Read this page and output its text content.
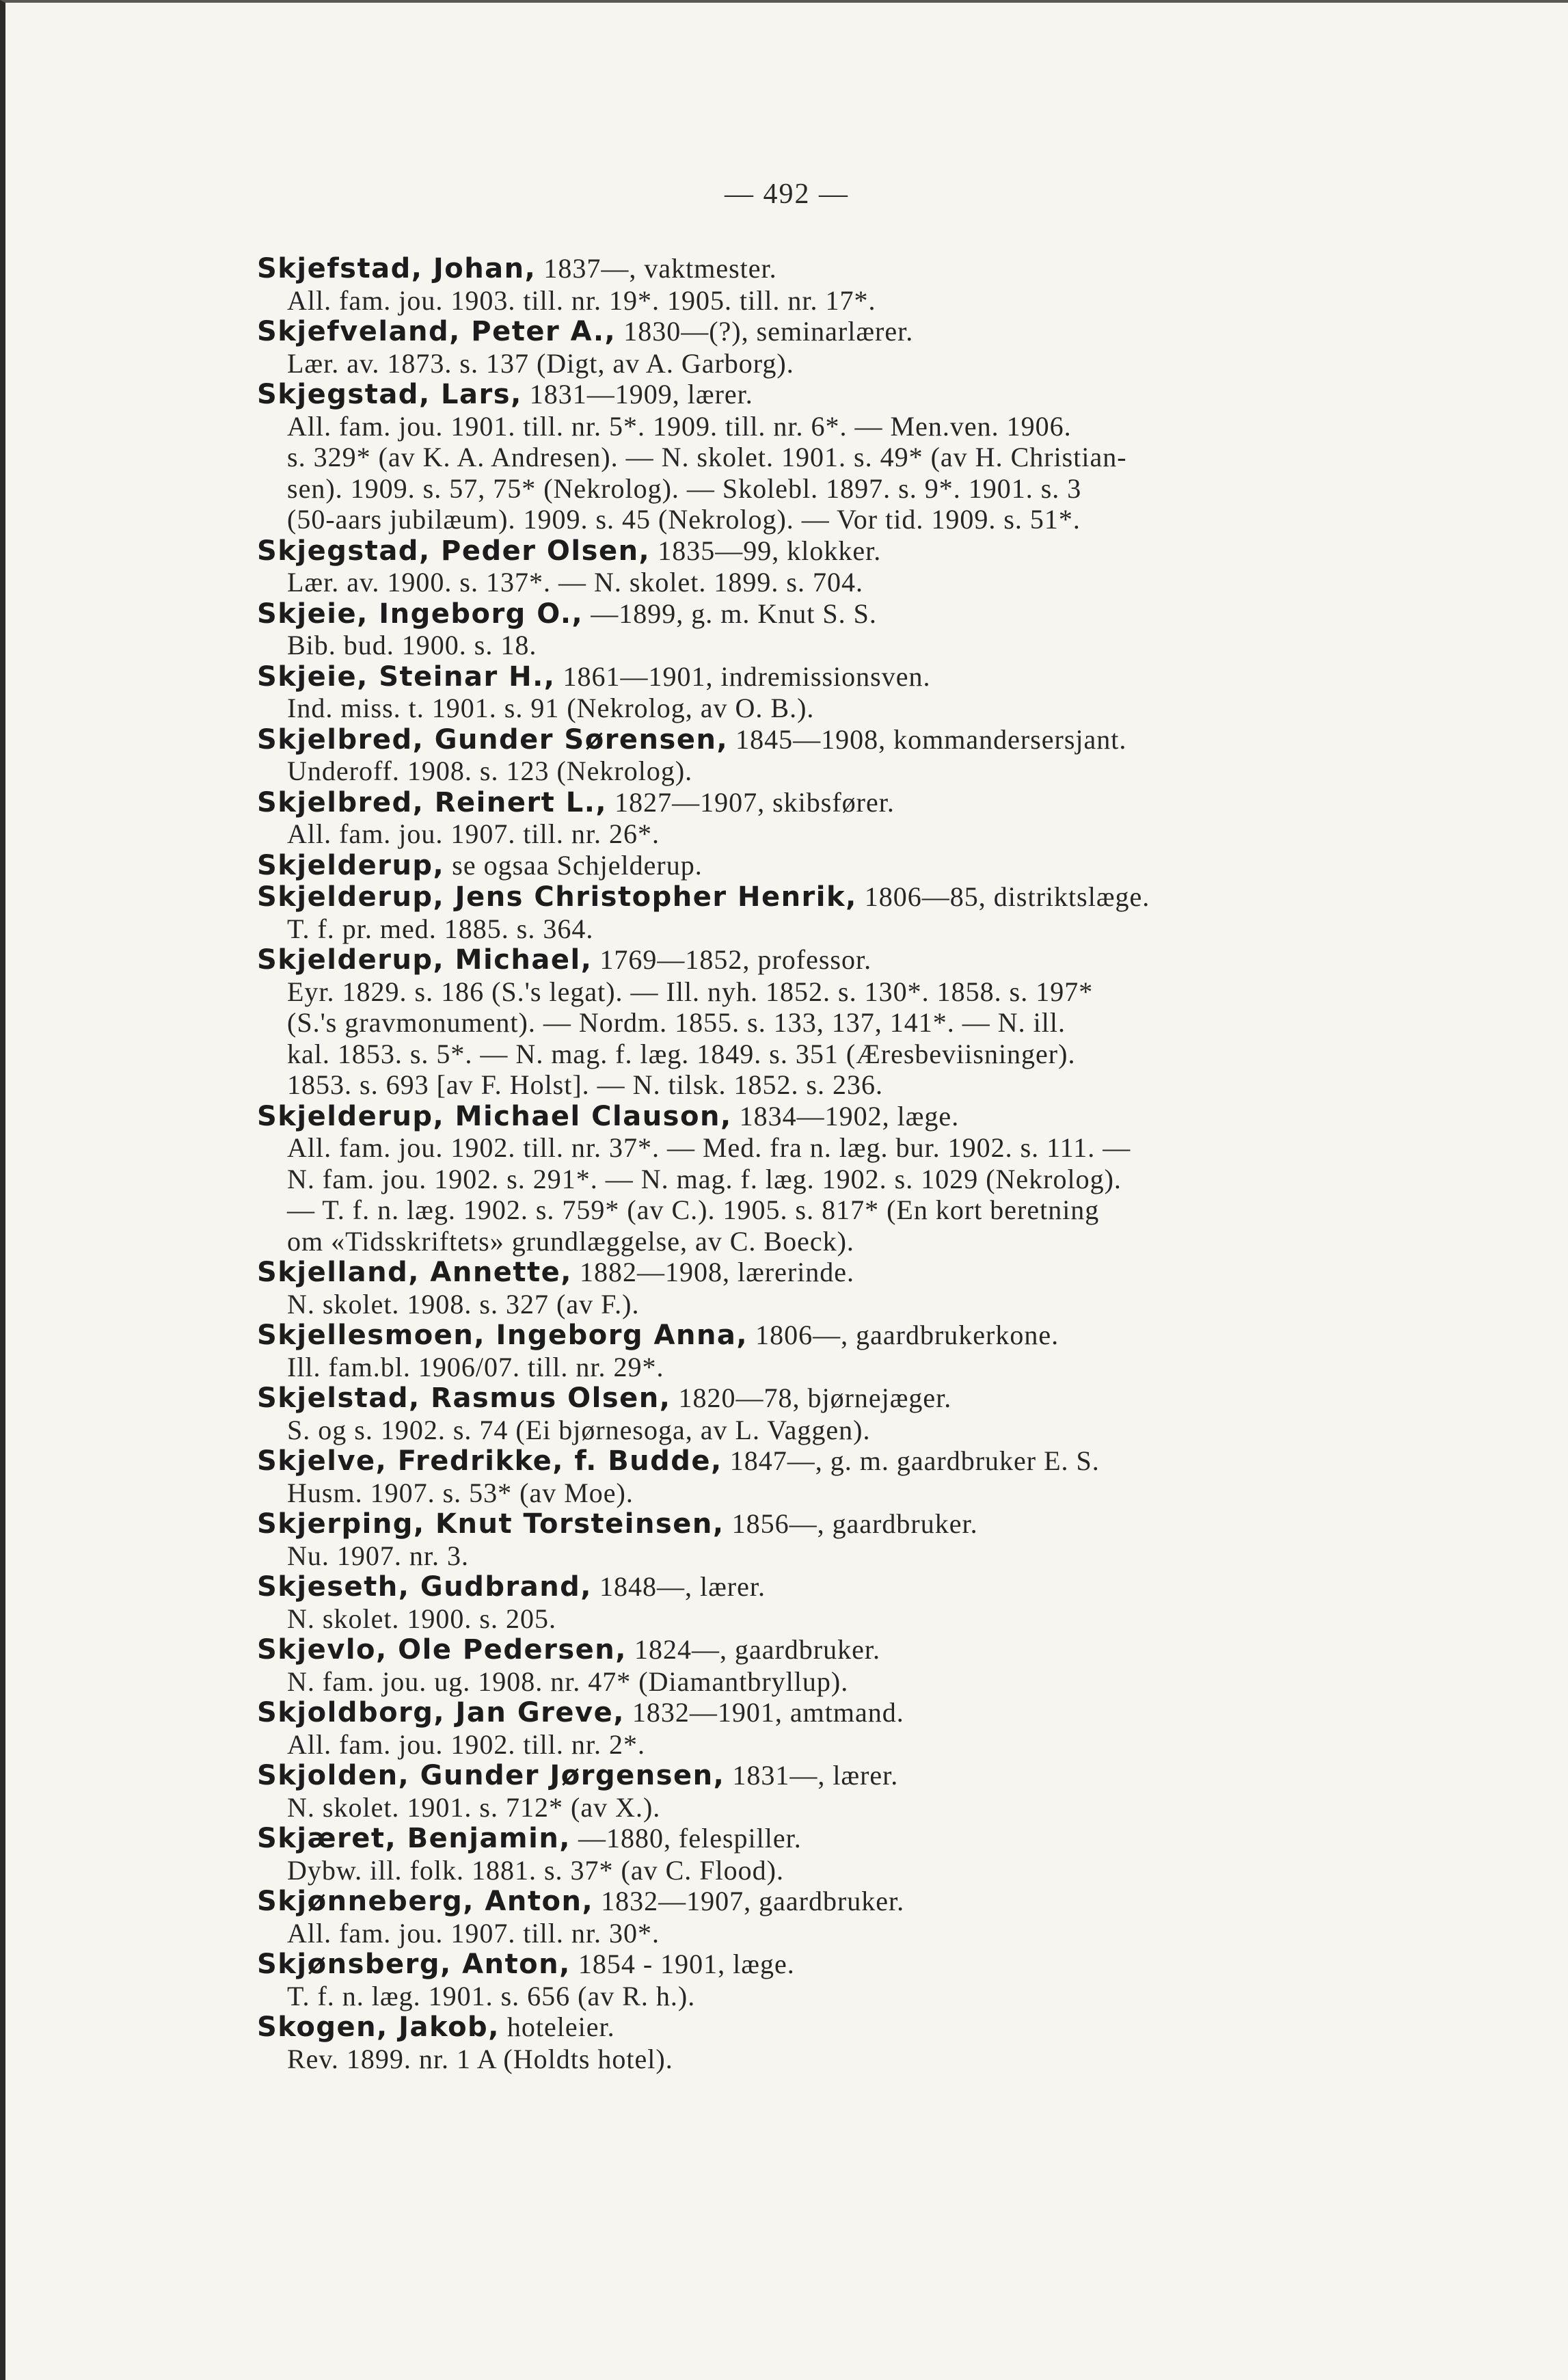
— 492 —
Skjefstad, Johan, 1837—, vaktmester.
All. fam. jou. 1903. till. nr. 19*. 1905. till. nr. 17*.
Skjefveland, Peter A., 1830—(?), seminarlærer.
Lær. av. 1873. s. 137 (Digt, av A. Garborg).
Skjegstad, Lars, 1831—1909, lærer.
All. fam. jou. 1901. till. nr. 5*. 1909. till. nr. 6*. — Men.ven. 1906.
s. 329* (av K. A. Andresen). — N. skolet. 1901. s. 49* (av H. Christian-
sen). 1909. s. 57, 75* (Nekrolog). — Skolebl. 1897. s. 9*. 1901. s. 3
(50-aars jubilæum). 1909. s. 45 (Nekrolog). — Vor tid. 1909. s. 51*.
Skjegstad, Peder Olsen, 1835—99, klokker.
Lær. av. 1900. s. 137*. — N. skolet. 1899. s. 704.
Skjeie, Ingeborg O., —1899, g. m. Knut S. S.
Bib. bud. 1900. s. 18.
Skjeie, Steinar H., 1861—1901, indremissionsven.
Ind. miss. t. 1901. s. 91 (Nekrolog, av O. B.).
Skjelbred, Gunder Sørensen, 1845—1908, kommandersersjant.
Underoff. 1908. s. 123 (Nekrolog).
Skjelbred, Reinert L., 1827—1907, skibsfører.
All. fam. jou. 1907. till. nr. 26*.
Skjelderup, se ogsaa Schjelderup.
Skjelderup, Jens Christopher Henrik, 1806—85, distriktslæge.
T. f. pr. med. 1885. s. 364.
Skjelderup, Michael, 1769—1852, professor.
Eyr. 1829. s. 186 (S.'s legat). — Ill. nyh. 1852. s. 130*. 1858. s. 197*
(S.'s gravmonument). — Nordm. 1855. s. 133, 137, 141*. — N. ill.
kal. 1853. s. 5*. — N. mag. f. læg. 1849. s. 351 (Æresbeviisninger).
1853. s. 693 [av F. Holst]. — N. tilsk. 1852. s. 236.
Skjelderup, Michael Clauson, 1834—1902, læge.
All. fam. jou. 1902. till. nr. 37*. — Med. fra n. læg. bur. 1902. s. 111. —
N. fam. jou. 1902. s. 291*. — N. mag. f. læg. 1902. s. 1029 (Nekrolog).
— T. f. n. læg. 1902. s. 759* (av C.). 1905. s. 817* (En kort beretning
om «Tidsskriftets» grundlæggelse, av C. Boeck).
Skjelland, Annette, 1882—1908, lærerinde.
N. skolet. 1908. s. 327 (av F.).
Skjellesmoen, Ingeborg Anna, 1806—, gaardbrukerkone.
Ill. fam.bl. 1906/07. till. nr. 29*.
Skjelstad, Rasmus Olsen, 1820—78, bjørnejæger.
S. og s. 1902. s. 74 (Ei bjørnesoga, av L. Vaggen).
Skjelve, Fredrikke, f. Budde, 1847—, g. m. gaardbruker E. S.
Husm. 1907. s. 53* (av Moe).
Skjerping, Knut Torsteinsen, 1856—, gaardbruker.
Nu. 1907. nr. 3.
Skjeseth, Gudbrand, 1848—, lærer.
N. skolet. 1900. s. 205.
Skjevlo, Ole Pedersen, 1824—, gaardbruker.
N. fam. jou. ug. 1908. nr. 47* (Diamantbryllup).
Skjoldborg, Jan Greve, 1832—1901, amtmand.
All. fam. jou. 1902. till. nr. 2*.
Skjolden, Gunder Jørgensen, 1831—, lærer.
N. skolet. 1901. s. 712* (av X.).
Skjæret, Benjamin, —1880, felespiller.
Dybw. ill. folk. 1881. s. 37* (av C. Flood).
Skjønneberg, Anton, 1832—1907, gaardbruker.
All. fam. jou. 1907. till. nr. 30*.
Skjønsberg, Anton, 1854 - 1901, læge.
T. f. n. læg. 1901. s. 656 (av R. h.).
Skogen, Jakob, hoteleier.
Rev. 1899. nr. 1 A (Holdts hotel).
